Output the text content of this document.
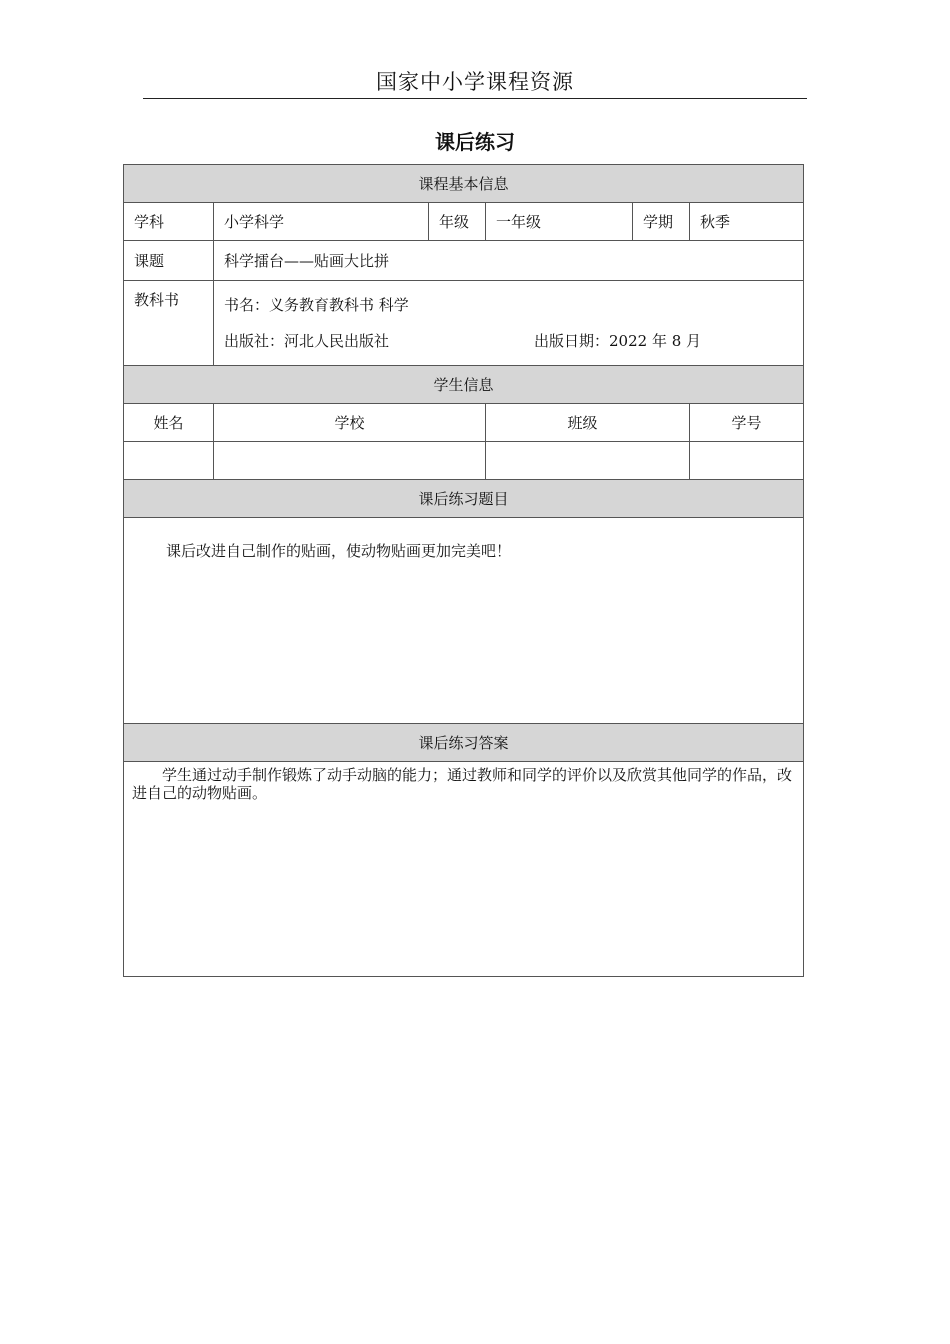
国家中小学课程资源
课后练习
课程基本信息					
学科	小学科学	年级	一年级	学期	秋季
课题	科学擂台——贴画大比拼				
教科书	书名：义务教育教科书 科学
出版社：河北人民出版社 出版日期：2022 年 8 月				

学生信息					
姓名	学校		班级		学号

课后练习题目					
课后改进自己制作的贴画，使动物贴画更加完美吧！					
课后练习答案					

学生通过动手制作锻炼了动手动脑的能力；通过教师和同学的评价以及欣赏其他同学的作品，改进自己的动物贴画。					
